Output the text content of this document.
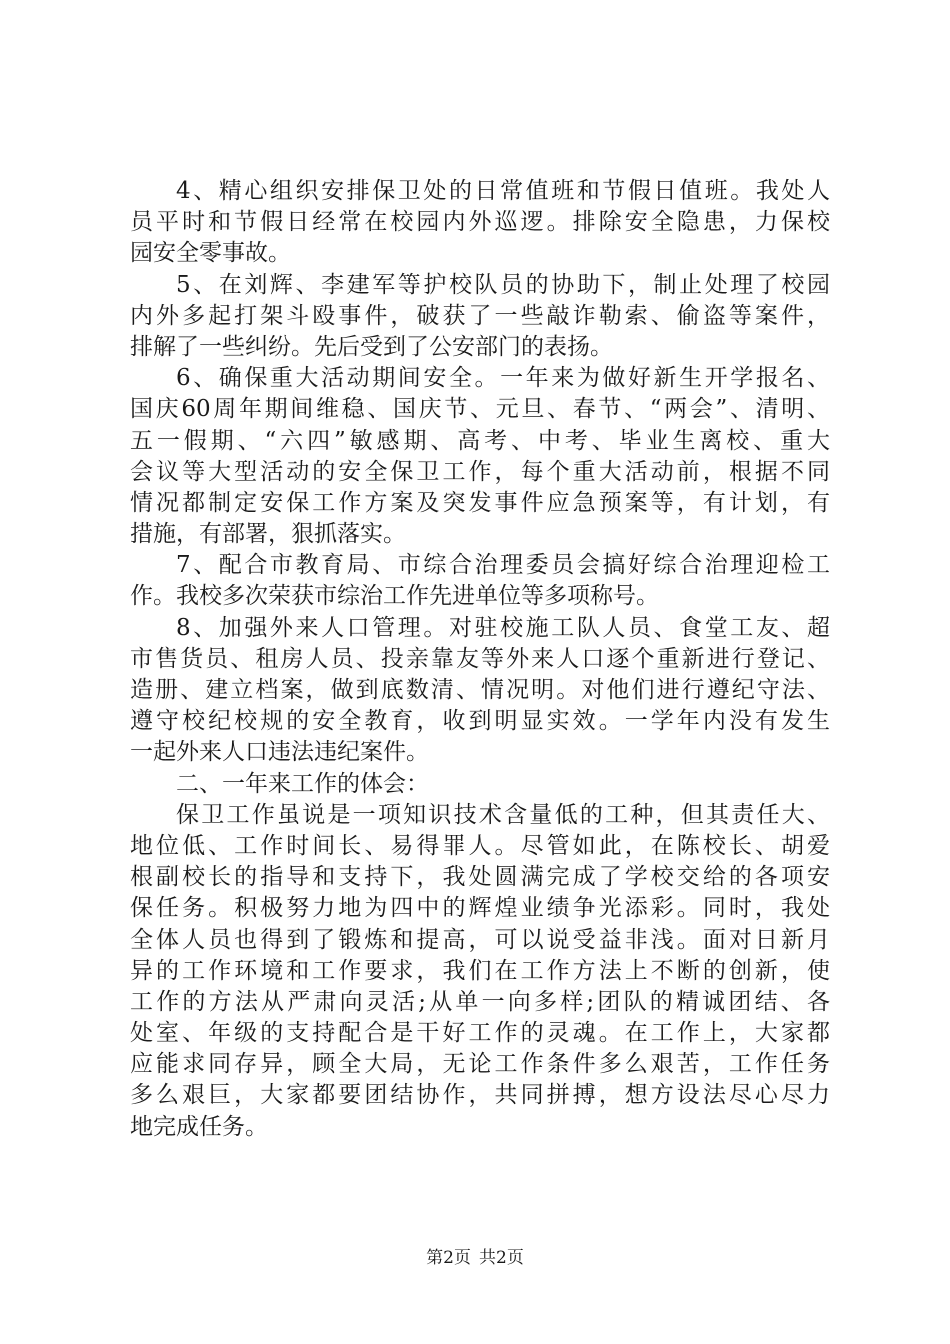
4、精心组织安排保卫处的日常值班和节假日值班。我处人
员平时和节假日经常在校园内外巡逻。排除安全隐患，力保校
园安全零事故。
5、在刘辉、李建军等护校队员的协助下，制止处理了校园
内外多起打架斗殴事件，破获了一些敲诈勒索、偷盗等案件，
排解了一些纠纷。先后受到了公安部门的表扬。
6、确保重大活动期间安全。一年来为做好新生开学报名、
国庆60周年期间维稳、国庆节、元旦、春节、“两会”、清明、
五一假期、“六四”敏感期、高考、中考、毕业生离校、重大
会议等大型活动的安全保卫工作，每个重大活动前，根据不同
情况都制定安保工作方案及突发事件应急预案等，有计划，有
措施，有部署，狠抓落实。
7、配合市教育局、市综合治理委员会搞好综合治理迎检工
作。我校多次荣获市综治工作先进单位等多项称号。
8、加强外来人口管理。对驻校施工队人员、食堂工友、超
市售货员、租房人员、投亲靠友等外来人口逐个重新进行登记、
造册、建立档案，做到底数清、情况明。对他们进行遵纪守法、
遵守校纪校规的安全教育，收到明显实效。一学年内没有发生
一起外来人口违法违纪案件。
二、一年来工作的体会：
保卫工作虽说是一项知识技术含量低的工种，但其责任大、
地位低、工作时间长、易得罪人。尽管如此，在陈校长、胡爱
根副校长的指导和支持下，我处圆满完成了学校交给的各项安
保任务。积极努力地为四中的辉煌业绩争光添彩。同时，我处
全体人员也得到了锻炼和提高，可以说受益非浅。面对日新月
异的工作环境和工作要求，我们在工作方法上不断的创新，使
工作的方法从严肃向灵活;从单一向多样;团队的精诚团结、各
处室、年级的支持配合是干好工作的灵魂。在工作上，大家都
应能求同存异，顾全大局，无论工作条件多么艰苦，工作任务
多么艰巨，大家都要团结协作，共同拼搏，想方设法尽心尽力
地完成任务。
第2页 共2页
